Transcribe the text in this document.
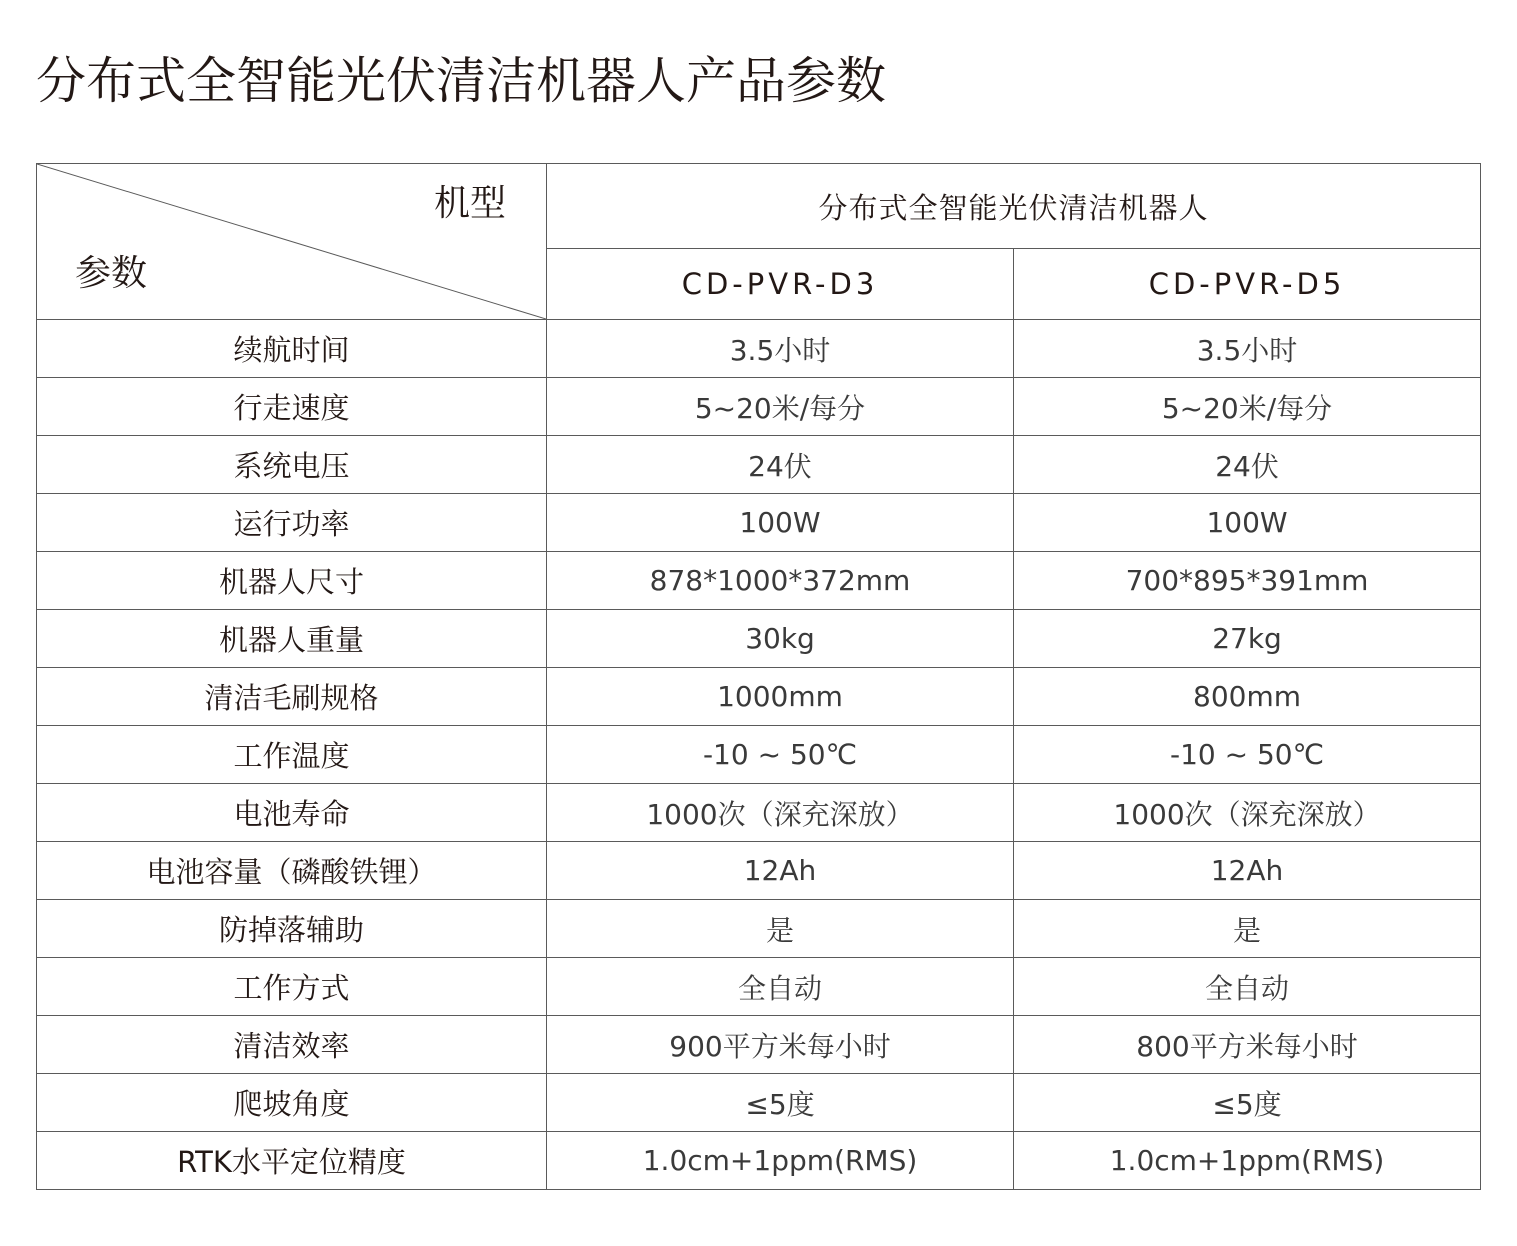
分布式全智能光伏清洁机器人产品参数
机型
参数	分布式全智能光伏清洁机器人	
	CD-PVR-D3	CD-PVR-D5
续航时间	3.5小时	3.5小时
行走速度	5~20米/每分	5~20米/每分
系统电压	24伏	24伏
运行功率	100W	100W
机器人尺寸	878*1000*372mm	700*895*391mm
机器人重量	30kg	27kg
清洁毛刷规格	1000mm	800mm
工作温度	-10 ~ 50℃	-10 ~ 50℃
电池寿命	1000次（深充深放）	1000次（深充深放）
电池容量（磷酸铁锂）	12Ah	12Ah
防掉落辅助	是	是
工作方式	全自动	全自动
清洁效率	900平方米每小时	800平方米每小时
爬坡角度	≤5度	≤5度
RTK水平定位精度	1.0cm+1ppm(RMS)	1.0cm+1ppm(RMS)
